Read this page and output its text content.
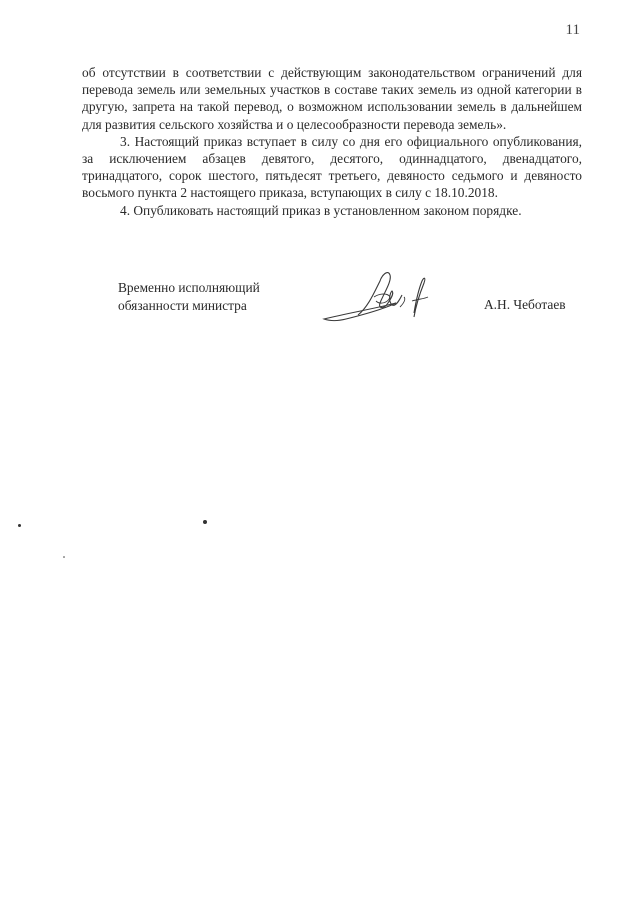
11

об отсутствии в соответствии с действующим законодательством ограничений для перевода земель или земельных участков в составе таких земель из одной категории в другую, запрета на такой перевод, о возможном использовании земель в дальнейшем для развития сельского хозяйства и о целесообразности перевода земель».

3. Настоящий приказ вступает в силу со дня его официального опубликования, за исключением абзацев девятого, десятого, одиннадцатого, двенадцатого, тринадцатого, сорок шестого, пятьдесят третьего, девяносто седьмого и девяносто восьмого пункта 2 настоящего приказа, вступающих в силу с 18.10.2018.

4. Опубликовать настоящий приказ в установленном законом порядке.

Временно исполняющий
обязанности министра	А.Н. Чеботаев
